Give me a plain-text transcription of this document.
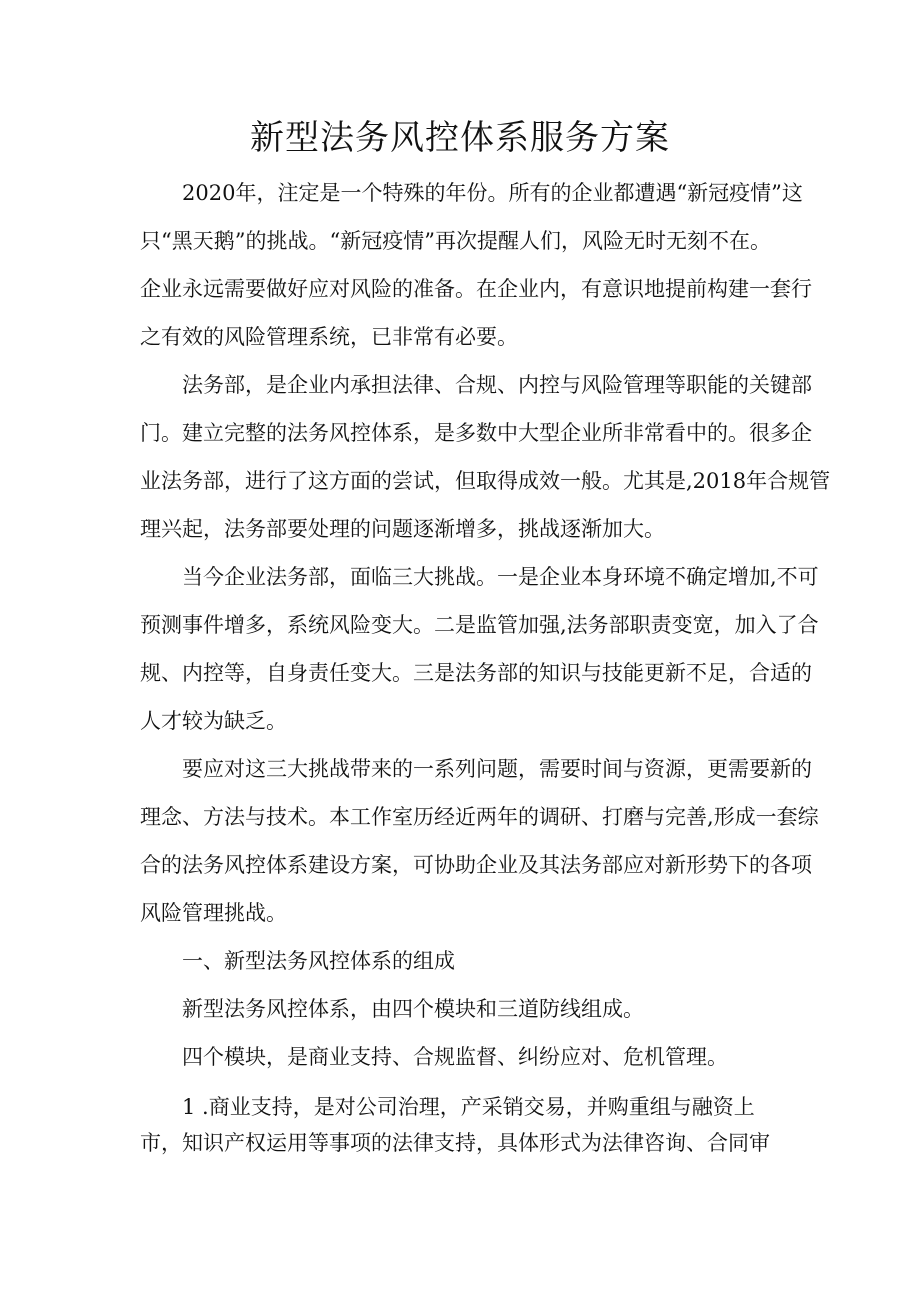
新型法务风控体系服务方案

2020年，注定是一个特殊的年份。所有的企业都遭遇“新冠疫情”这

只“黑天鹅”的挑战。“新冠疫情”再次提醒人们，风险无时无刻不在。

企业永远需要做好应对风险的准备。在企业内，有意识地提前构建一套行

之有效的风险管理系统，已非常有必要。

法务部，是企业内承担法律、合规、内控与风险管理等职能的关键部

门。建立完整的法务风控体系，是多数中大型企业所非常看中的。很多企

业法务部，进行了这方面的尝试，但取得成效一般。尤其是,2018年合规管

理兴起，法务部要处理的问题逐渐增多，挑战逐渐加大。

当今企业法务部，面临三大挑战。一是企业本身环境不确定增加,不可

预测事件增多，系统风险变大。二是监管加强,法务部职责变宽，加入了合

规、内控等，自身责任变大。三是法务部的知识与技能更新不足，合适的

人才较为缺乏。

要应对这三大挑战带来的一系列问题，需要时间与资源，更需要新的

理念、方法与技术。本工作室历经近两年的调研、打磨与完善,形成一套综

合的法务风控体系建设方案，可协助企业及其法务部应对新形势下的各项

风险管理挑战。

一、新型法务风控体系的组成

新型法务风控体系，由四个模块和三道防线组成。

四个模块，是商业支持、合规监督、纠纷应对、危机管理。

1 .商业支持，是对公司治理，产采销交易，并购重组与融资上

市，知识产权运用等事项的法律支持，具体形式为法律咨询、合同审
